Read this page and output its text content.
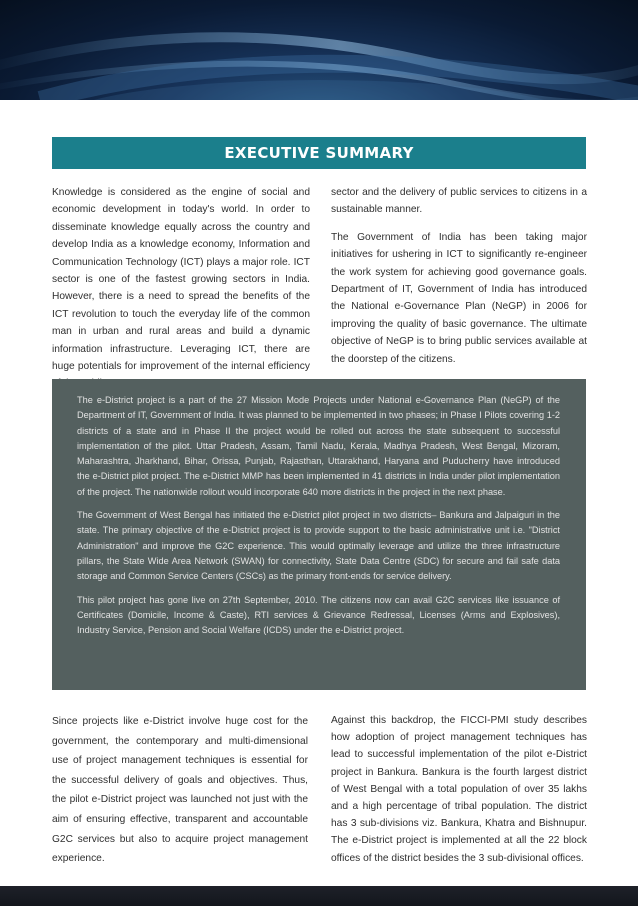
EXECUTIVE SUMMARY

Knowledge is considered as the engine of social and economic development in today's world. In order to disseminate knowledge equally across the country and develop India as a knowledge economy, Information and Communication Technology (ICT) plays a major role. ICT sector is one of the fastest growing sectors in India. However, there is a need to spread the benefits of the ICT revolution to touch the everyday life of the common man in urban and rural areas and build a dynamic information infrastructure. Leveraging ICT, there are huge potentials for improvement of the internal efficiency

sector and the delivery of public services to citizens in a sustainable manner.

The Government of India has been taking major initiatives for ushering in ICT to significantly re-engineer the work system for achieving good governance goals. Department of IT, Government of India has introduced the National e-Governance Plan (NeGP) in 2006 for improving the quality of basic governance. The ultimate objective of NeGP is to bring public services available at the doorstep of the citizens.

The e-District project is a part of the 27 Mission Mode Projects under National e-Governance Plan (NeGP) of the Department of IT, Government of India. It was planned to be implemented in two phases; in Phase I Pilots covering 1-2 districts of a state and in Phase II the project would be rolled out across the state subsequent to successful implementation of the pilot. Uttar Pradesh, Assam, Tamil Nadu, Kerala, Madhya Pradesh, West Bengal, Mizoram, Maharashtra, Jharkhand, Bihar, Orissa, Punjab, Rajasthan, Uttarakhand, Haryana and Puducherry have introduced the e-District pilot project. The e-District MMP has been implemented in 41 districts in India under pilot implementation of the project. The nationwide rollout would incorporate 640 more districts in the project in the next phase.

The Government of West Bengal has initiated the e-District pilot project in two districts– Bankura and Jalpaiguri in the state. The primary objective of the e-District project is to provide support to the basic administrative unit i.e. "District Administration" and improve the G2C experience. This would optimally leverage and utilize the three infrastructure pillars, the State Wide Area Network (SWAN) for connectivity, State Data Centre (SDC) for secure and fail safe data storage and Common Service Centers (CSCs) as the primary front-ends for service delivery.

This pilot project has gone live on 27th September, 2010. The citizens now can avail G2C services like issuance of Certificates (Domicile, Income & Caste), RTI services & Grievance Redressal, Licenses (Arms and Explosives), Industry Service, Pension and Social Welfare (ICDS) under the e-District project.

Since projects like e-District involve huge cost for the government, the contemporary and multi-dimensional use of project management techniques is essential for the successful delivery of goals and objectives. Thus, the pilot e-District project was launched not just with the aim of ensuring effective, transparent and accountable G2C services but also to acquire project management experience.

Against this backdrop, the FICCI-PMI study describes how adoption of project management techniques has lead to successful implementation of the pilot e-District project in Bankura. Bankura is the fourth largest district of West Bengal with a total population of over 35 lakhs and a high percentage of tribal population. The district has 3 sub-divisions viz. Bankura, Khatra and Bishnupur. The e-District project is implemented at all the 22 block offices of the district besides the 3 sub-divisional offices.
